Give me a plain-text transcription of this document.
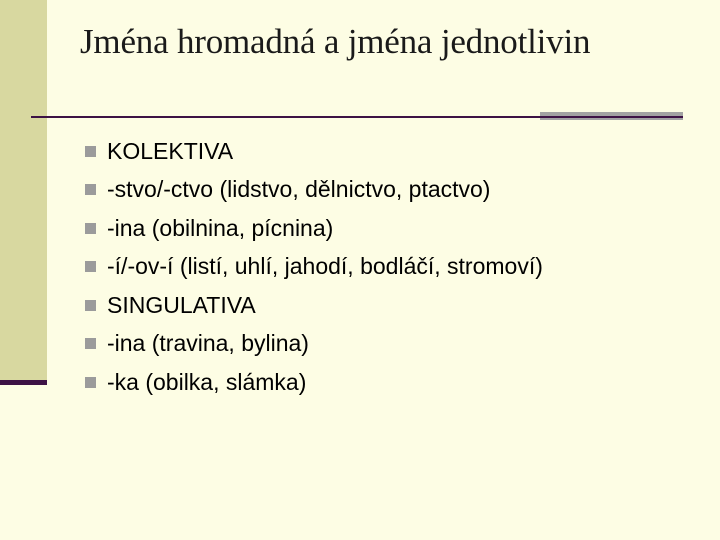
Jména hromadná a jména jednotlivin
KOLEKTIVA
-stvo/-ctvo (lidstvo, dělnictvo, ptactvo)
-ina (obilnina, pícnina)
-í/-ov-í (listí, uhlí, jahodí, bodláčí, stromoví)
SINGULATIVA
-ina (travina, bylina)
-ka (obilka, slámka)
